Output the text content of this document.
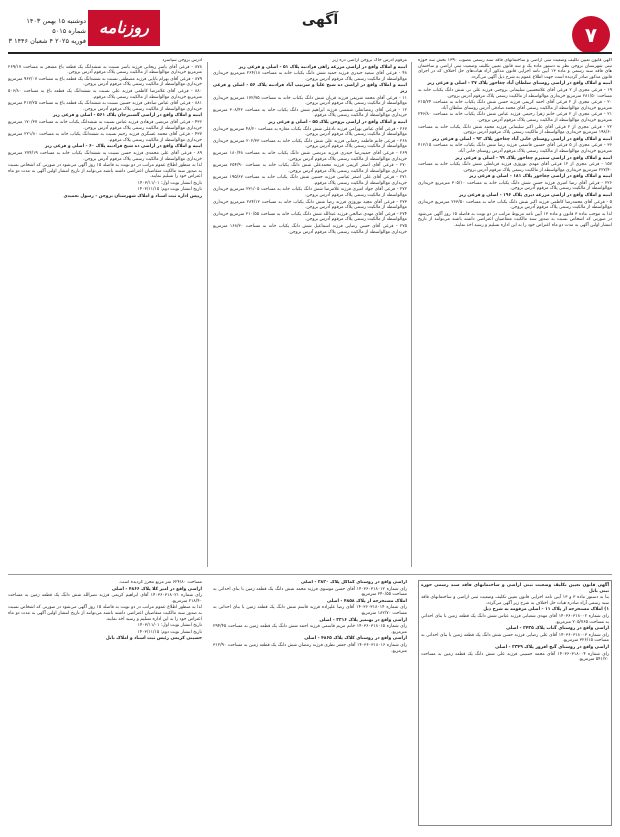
۷
آگهی
روزنامه پیشرو
دوشنبه ۱۵ بهمن ۱۴۰۳ شماره ۵۰۱۵
۳ فوریه ۲۰۲۵ ۴ شعبان ۱۴۴۶

آگهی قانون تعیین تکلیف وضعیت ثبتی اراضی و ساختمانهای فاقد سند رسمی مصوب ۱۳۹۰ بخش سه حوزه ثبتی شهرستان بروجن نظر به دستور ماده یک و سه قانون تعیین تکلیف وضعیت ثبتی اراضی و ساختمان های فاقد سند رسمی و ماده ۱۳ آیین نامه اجرایی قانون مذکور آراء هیات‌های حل اختلاف که در اجرای قانون مذکور صادر گردیده است جهت اطلاع عموم به شرح ذیل آگهی می‌گردد.

ابنیه و املاک واقع در اراضی روستای سلطان آباد چغاخور پلاک ۲۷ - اصلی و فرعی زیر

۱۹ - فرعی مجزی از ۲ فرعی آقای غلامحسین سلیمانی بروجنی فرزند علی تی شش دانگ یکباب خانه به مساحت ۲۸۱/۵۰ مترمربع خریداری مع‌الواسطه از مالکیت رسمی پلاک مرقوم آدرس بروجن.

۲۰ - فرعی مجزی از ۲ فرعی آقای احمد کریمی فرزند حسن شش دانگ یکباب خانه به مساحت ۳۱۵/۲۴ مترمربع خریداری مع‌الواسطه از مالکیت رسمی آقای محمد صادقی آدرس روستای سلطان آباد.

۲۱ - فرعی مجزی از ۲ فرعی خانم زهرا رحیمی فرزند عباس شش دانگ یکباب خانه به مساحت ۲۴۶/۸۰ مترمربع خریداری مع‌الواسطه از مالکیت رسمی پلاک مرقوم آدرس بروجن.

۲۲ - فرعی مجزی از ۲ فرعی آقای علی اکبر سلیمانی فرزند محمد شش دانگ یکباب خانه به مساحت ۱۹۸/۶۰ مترمربع خریداری مع‌الواسطه از مالکیت رسمی پلاک مرقوم آدرس بروجن.

ابنیه و املاک واقع در اراضی روستای خانی آباد چغاخور پلاک ۹۲ - اصلی و فرعی زیر

۳۶ - فرعی مجزی از ۵ فرعی آقای حسین قاسمی فرزند رضا شش دانگ یکباب خانه به مساحت ۴۱۲/۱۵ مترمربع خریداری مع‌الواسطه از مالکیت رسمی پلاک مرقوم آدرس روستای خانی آباد.

ابنیه و املاک واقع در اراضی سمیرم چغاخور پلاک ۹۹ - اصلی و فرعی زیر

۱۵۷ - فرعی مجزی از ۱۲ فرعی آقای مهدی نوروزی فرزند قربانعلی شش دانگ یکباب خانه به مساحت ۲۲۷/۴۰ مترمربع خریداری مع‌الواسطه از مالکیت رسمی پلاک مرقوم آدرس بروجن.

ابنیه و املاک واقع در اراضی چغاخور پلاک ۱۸۱ - اصلی و فرعی زیر

۲۲۶ - فرعی آقای رضا امیری فرزند حسن شش دانگ یکباب خانه به مساحت ۳۰۵/۱۰ مترمربع خریداری مع‌الواسطه از مالکیت رسمی پلاک مرقوم آدرس بروجن.

ابنیه و املاک واقع در اراضی مزرعه دیزی پلاک ۱۹۶ - اصلی و فرعی زیر

۵ - فرعی آقای محمدرضا کاظمی فرزند اکبر شش دانگ یکباب خانه به مساحت ۲۶۳/۵۰ مترمربع خریداری مع‌الواسطه از مالکیت رسمی پلاک مرقوم آدرس بروجن.

لذا به موجب ماده ۳ قانون و ماده ۱۳ آیین نامه مربوط مراتب در دو نوبت به فاصله ۱۵ روز آگهی می‌شود در صورتی که اشخاص نسبت به صدور سند مالکیت متقاضیان اعتراضی داشته باشند می‌توانند از تاریخ انتشار اولین آگهی به مدت دو ماه اعتراض خود را به این اداره تسلیم و رسید اخذ نمایند.

مرقوم آدرس خاک بروجن اراضی دره زیر

ابنیه و املاک واقع در اراضی مزرعه راهی فرادنبه پلاک ۵۱ - اصلی و فرعی زیر

۴۸ - فرعی آقای سعید حیدری فرزند حمید شش دانگ یکباب خانه به مساحت ۲۶۴/۱۸ مترمربع خریداری مع‌الواسطه از مالکیت رسمی پلاک مرقوم آدرس بروجن.

ابنیه و املاک واقع در اراضی ده شیخ علیا و سرتیپ آباد فرادنبه پلاک ۵۶ - اصلی و فرعی زیر

۱۱ - فرعی آقای محمد شریفی فرزند قربان شش دانگ یکباب خانه به مساحت ۱۷۲/۷۵ مترمربع خریداری مع‌الواسطه از مالکیت رسمی پلاک مرقوم آدرس بروجن.

۱۲ - فرعی آقای رمضانعلی شمسی فرزند ابراهیم شش دانگ یکباب خانه به مساحت ۳۰۸/۴۲ مترمربع خریداری مع‌الواسطه از مالکیت رسمی پلاک مرقوم.

ابنیه و املاک واقع در اراضی بروجن پلاک ۵۵ - اصلی و فرعی زیر

۲۶۷ - فرعی آقای عباس بهرامی فرزند نادعلی شش دانگ یکباب مغازه به مساحت ۴۸/۲۰ مترمربع خریداری مع‌الواسطه از مالکیت رسمی پلاک مرقوم آدرس بروجن.

۲۶۸ - فرعی خانم فاطمه رحمانی فرزند علی شش دانگ یکباب خانه به مساحت ۲۰۲/۳۳ مترمربع خریداری مع‌الواسطه از مالکیت رسمی پلاک مرقوم آدرس بروجن.

۲۶۹ - فرعی آقای حمیدرضا حیدری فرزند مرتضی شش دانگ یکباب خانه به مساحت ۱۸۰/۴۸ مترمربع خریداری مع‌الواسطه از مالکیت رسمی پلاک مرقوم آدرس بروجن.

۲۷۰ - فرعی آقای اصغر کریمی فرزند محمدعلی شش دانگ یکباب خانه به مساحت ۲۵۴/۹۰ مترمربع خریداری مع‌الواسطه از مالکیت رسمی پلاک مرقوم آدرس بروجن.

۲۷۱ - فرعی آقای علی اصغر عباسی فرزند حسین شش دانگ یکباب خانه به مساحت ۱۹۵/۶۷ مترمربع خریداری مع‌الواسطه از مالکیت رسمی پلاک مرقوم.

۲۷۲ - فرعی آقای جواد امیری فرزند غلامرضا شش دانگ یکباب خانه به مساحت ۲۳۱/۰۵ مترمربع خریداری مع‌الواسطه از مالکیت رسمی پلاک مرقوم آدرس بروجن.

۲۷۳ - فرعی آقای مجید نوروزی فرزند رضا شش دانگ یکباب خانه به مساحت ۲۸۴/۱۲ مترمربع خریداری مع‌الواسطه از مالکیت رسمی پلاک مرقوم آدرس بروجن.

۲۷۴ - فرعی آقای مهدی صالحی فرزند عبدالله شش دانگ یکباب خانه به مساحت ۲۱۰/۵۵ مترمربع خریداری مع‌الواسطه از مالکیت رسمی پلاک مرقوم آدرس بروجن.

۲۷۵ - فرعی آقای حسن رضایی فرزند اسماعیل شش دانگ یکباب خانه به مساحت ۱۶۸/۳۰ مترمربع خریداری مع‌الواسطه از مالکیت رسمی پلاک مرقوم آدرس بروجن.

آدرس بروجن سیاسرد

۸۷۸ - فرعی آقای یاسر ریحانی فرزند یاسر نسبت به ششدانگ یک قطعه باغ مشجر به مساحت ۲۶۹/۱۷ مترمربع خریداری مع‌الواسطه از مالکیت رسمی پلاک مرقوم آدرس بروجن.

۸۷۹ - فرعی آقای بهرام بابایی فرزند مصطفی نسبت به ششدانگ یک قطعه باغ به مساحت ۹۶۲/۰۷ مترمربع خریداری مع‌الواسطه از مالکیت رسمی پلاک مرقوم آدرس بروجن.

۸۸۰ - فرعی آقای غلامرضا کاظمی فرزند علی نسبت به ششدانگ یک قطعه باغ به مساحت ۵۰۶/۸۰ مترمربع خریداری مع‌الواسطه از مالکیت رسمی پلاک مرقوم.

۸۸۱ - فرعی آقای عباس صادقی فرزند حسین نسبت به ششدانگ یک قطعه باغ به مساحت ۴۱۷/۲۵ مترمربع خریداری مع‌الواسطه از مالکیت رسمی پلاک مرقوم آدرس بروجن.

ابنیه و املاک واقع در اراضی گشنیزجان پلاک ۵۶۱ - اصلی و فرعی زیر

۴۳۶ - فرعی آقای مرتضی فرهادی فرزند عباس نسبت به ششدانگ یکباب خانه به مساحت ۱۷۰/۳۷ مترمربع خریداری مع‌الواسطه از مالکیت رسمی پلاک مرقوم آدرس بروجن.

۴۳۷ - فرعی آقای محمد عسگری فرزند رحیم نسبت به ششدانگ یکباب خانه به مساحت ۲۲۱/۸۰ مترمربع خریداری مع‌الواسطه از مالکیت رسمی پلاک مرقوم.

ابنیه و املاک واقع در اراضی ده شیخ فرادنبه پلاک ۶۰ - اصلی و فرعی زیر

۸۹ - فرعی آقای علی محمدی فرزند حسن نسبت به ششدانگ یکباب خانه به مساحت ۲۷۴/۱۹ مترمربع خریداری مع‌الواسطه از مالکیت رسمی پلاک مرقوم آدرس بروجن.

لذا به منظور اطلاع عموم مراتب در دو نوبت به فاصله ۱۵ روز آگهی می‌شود در صورتی که اشخاص نسبت به صدور سند مالکیت متقاضیان اعتراضی داشته باشند می‌توانند از تاریخ انتشار اولین آگهی به مدت دو ماه اعتراض خود را تسلیم نمایند.

تاریخ انتشار نوبت اول: ۱۴۰۳/۱۱/۰۱

تاریخ انتشار نوبت دوم: ۱۴۰۳/۱۱/۱۵

رییس اداره ثبت اسناد و املاک شهرستان بروجن - رسول تعمیدی

آگهی قانون تعیین تکلیف وضعیت ثبتی اراضی و ساختمانهای فاقد سند رسمی حوزه ثبتی بابل

بنا به دستور ماده ۳ و ۱۳ آیین نامه اجرایی قانون تعیین تکلیف وضعیت ثبتی اراضی و ساختمانهای فاقد سند رسمی آراء صادره هیات حل اختلاف به شرح زیر آگهی می‌گردد.

۱) املاک مستخرجه از پلاک ۱۱ - اصلی مرقومه به شرح ذیل

رای شماره ۱۴۰۳۶۰۳۱۸۰۰۲ آقای مهدی شعبانی فرزند عباس شش دانگ یک قطعه زمین با بنای احداثی به مساحت ۲۰۵/۷۶۵ مترمربع.

اراضی واقع در روستای گتاب پلاک ۲۴۳۵ - اصلی

رای شماره ۱۴۰۳۶۰۳۱۸۰۰۳ آقای علی رضایی فرزند حسن شش دانگ یک قطعه زمین با بنای احداثی به مساحت ۳۲۶/۱۵ مترمربع.

اراضی واقع در روستای گنج افروز پلاک ۲۳۴۹ - اصلی

رای شماره ۱۴۰۳۶۰۳۱۸۰۰۴ آقای محمد حسینی فرزند علی شش دانگ یک قطعه زمین به مساحت ۵۴۱/۲۰ مترمربع.

اراضی واقع در روستای کماکل پلاک ۲۸۲۰ - اصلی

رای شماره ۱۴۰۳۶۰۳۱۸۰۱۲ آقای حسن موسوی فرزند محمد شش دانگ یک قطعه زمین با بنای احداثی به مساحت ۲۴۰/۵۵ مترمربع.

املاک مستخرجه از پلاک ۴۸۵۸ - اصلی

رای شماره ۱۴۰۳۶۰۳۱۸۰۱۴ آقای رضا علیزاده فرزند قاسم شش دانگ یک قطعه زمین با بنای احداثی به مساحت ۱۸۲/۷۰ مترمربع.

اراضی واقع در بهنمیر پلاک ۳۳۱۶ - اصلی

رای شماره ۱۴۰۳۶۰۳۱۸۰۱۵ خانم مریم قاسمی فرزند احمد شش دانگ یک قطعه زمین به مساحت ۲۹۴/۴۵ مترمربع.

اراضی واقع در روستای کلاک پلاک ۴۸۶۵ - اصلی

رای شماره ۱۴۰۳۶۰۳۱۸۰۱۶ آقای جعفر نظری فرزند رمضان شش دانگ یک قطعه زمین به مساحت ۳۱۲/۹۰ مترمربع.

مساحت ۶۲۴/۸۰ متر مربع محرز گردیده است.

اراضی واقع در امیر کلا پلاک ۴۸۶۶ - اصلی

رای شماره ۱۴۰۳۶۰۳۱۸۰۲۱ آقای ابراهیم کریمی فرزند نصرالله شش دانگ یک قطعه زمین به مساحت ۲۱۸/۴۰ مترمربع.

لذا به منظور اطلاع عموم مراتب در دو نوبت به فاصله ۱۵ روز آگهی می‌شود در صورتی که اشخاص نسبت به صدور سند مالکیت متقاضیان اعتراضی داشته باشند می‌توانند از تاریخ انتشار اولین آگهی به مدت دو ماه اعتراض خود را به این اداره تسلیم و رسید اخذ نمایند.

تاریخ انتشار نوبت اول: ۱۴۰۳/۱۱/۰۱

تاریخ انتشار نوبت دوم: ۱۴۰۳/۱۱/۱۵

حسینی کریمی رئیس ثبت اسناد و املاک بابل
